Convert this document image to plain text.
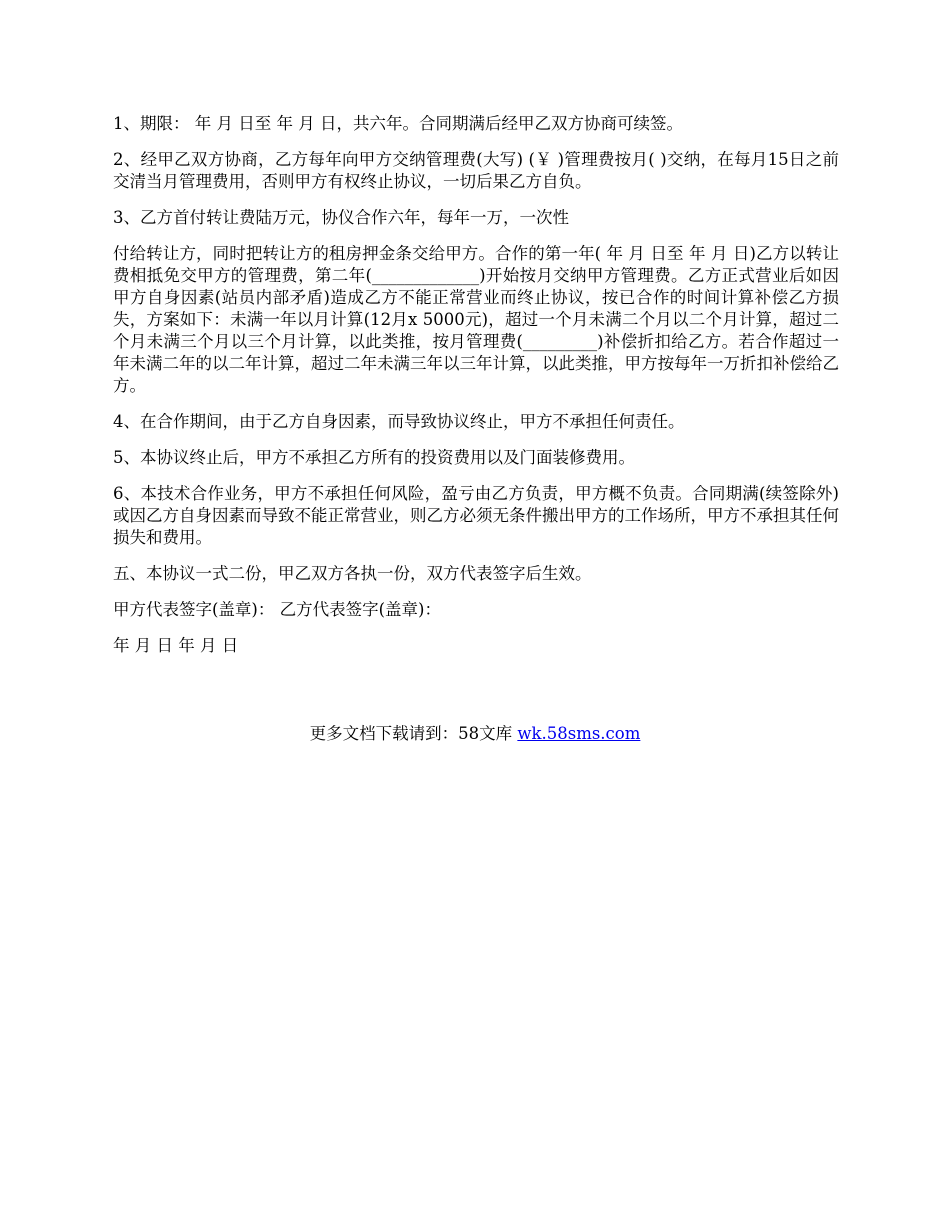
1、期限： 年 月 日至 年 月 日，共六年。合同期满后经甲乙双方协商可续签。

2、经甲乙双方协商，乙方每年向甲方交纳管理费(大写) (￥ )管理费按月( )交纳，在每月15日之前交清当月管理费用，否则甲方有权终止协议，一切后果乙方自负。

3、乙方首付转让费陆万元，协仪合作六年，每年一万，一次性

付给转让方，同时把转让方的租房押金条交给甲方。合作的第一年( 年 月 日至 年 月 日)乙方以转让费相抵免交甲方的管理费，第二年(_____________)开始按月交纳甲方管理费。乙方正式营业后如因甲方自身因素(站员内部矛盾)造成乙方不能正常营业而终止协议，按已合作的时间计算补偿乙方损失，方案如下：未满一年以月计算(12月x 5000元)，超过一个月未满二个月以二个月计算，超过二个月未满三个月以三个月计算，以此类推，按月管理费(_________)补偿折扣给乙方。若合作超过一年未满二年的以二年计算，超过二年未满三年以三年计算，以此类推，甲方按每年一万折扣补偿给乙方。

4、在合作期间，由于乙方自身因素，而导致协议终止，甲方不承担任何责任。

5、本协议终止后，甲方不承担乙方所有的投资费用以及门面装修费用。

6、本技术合作业务，甲方不承担任何风险，盈亏由乙方负责，甲方概不负责。合同期满(续签除外)或因乙方自身因素而导致不能正常营业，则乙方必须无条件搬出甲方的工作场所，甲方不承担其任何损失和费用。

五、本协议一式二份，甲乙双方各执一份，双方代表签字后生效。

甲方代表签字(盖章)： 乙方代表签字(盖章)：

年 月 日 年 月 日

更多文档下载请到：58文库 wk.58sms.com
